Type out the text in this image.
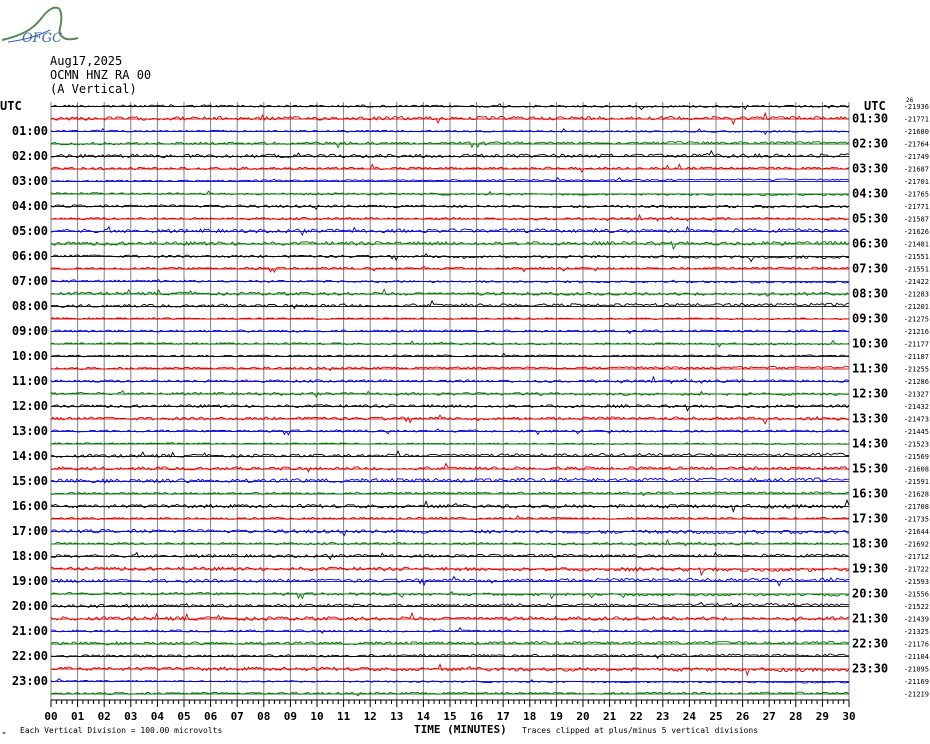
OFGC
Aug17,2025
OCMN HNZ RA 00
(A Vertical)
00 01 02 03 04 05 06 07 08 09 10 11 12 13 14 15 16 17 18 19 20 21 22 23 24 25 26 27 28 29 30
-21936
-21771
-21680
-21764
-21749
-21687
-21701
-21765
-21771
-21587
-21626
-21481
-21551
-21551
-21422
-21283
-21201
-21275
-21216
-21177
-21187
-21255
-21286
-21327
-21432
-21473
-21445
-21523
-21569
-21608
-21591
-21628
-21708
-21735
-21644
-21692
-21712
-21722
-21593
-21556
-21522
-21439
-21325
-21176
-21104
-21095
-21169
-21219
01:00
02:00
03:00
04:00
05:00
06:00
07:00
08:00
09:00
10:00
11:00
12:00
13:00
14:00
15:00
16:00
17:00
18:00
19:00
20:00
21:00
22:00
23:00
01:30
02:30
03:30
04:30
05:30
06:30
07:30
08:30
09:30
10:30
11:30
12:30
13:30
14:30
15:30
16:30
17:30
18:30
19:30
20:30
21:30
22:30
23:30
UTC	UTC	26
Each Vertical Division = 100.00 microvolts
≈	TIME (MINUTES) Traces clipped at plus/minus 5 vertical divisions
